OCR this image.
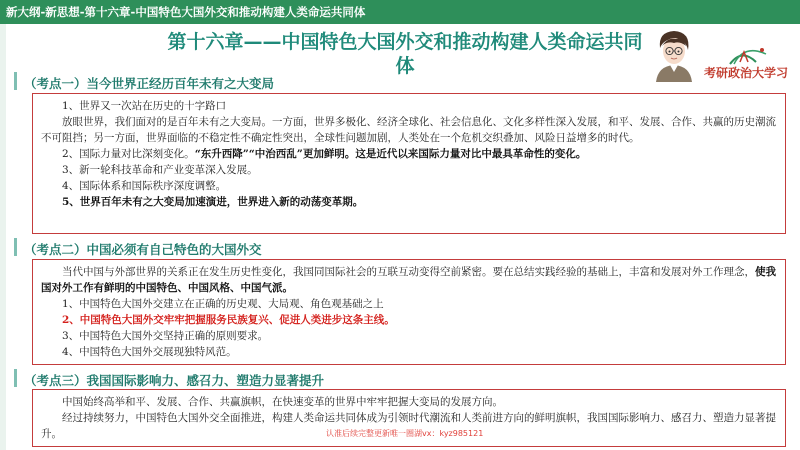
新大纲-新思想-第十六章-中国特色大国外交和推动构建人类命运共同体
第十六章——中国特色大国外交和推动构建人类命运共同
体	考研政治大学习
（考点一）当今世界正经历百年未有之大变局

1、世界又一次站在历史的十字路口

放眼世界，我们面对的是百年未有之大变局。一方面，世界多极化、经济全球化、社会信息化、文化多样性深入发展，和平、发展、合作、共赢的历史潮流不可阻挡；另一方面，世界面临的不稳定性不确定性突出，全球性问题加剧，人类处在一个危机交织叠加、风险日益增多的时代。

2、国际力量对比深刻变化。“东升西降”“中治西乱”更加鲜明。这是近代以来国际力量对比中最具革命性的变化。

3、新一轮科技革命和产业变革深入发展。

4、国际体系和国际秩序深度调整。

5、世界百年未有之大变局加速演进，世界进入新的动荡变革期。

（考点二）中国必须有自己特色的大国外交

当代中国与外部世界的关系正在发生历史性变化，我国同国际社会的互联互动变得空前紧密。要在总结实践经验的基础上，丰富和发展对外工作理念，使我国对外工作有鲜明的中国特色、中国风格、中国气派。

1、中国特色大国外交建立在正确的历史观、大局观、角色观基础之上

2、中国特色大国外交牢牢把握服务民族复兴、促进人类进步这条主线。

3、中国特色大国外交坚持正确的原则要求。

4、中国特色大国外交展现独特风范。

（考点三）我国国际影响力、感召力、塑造力显著提升

中国始终高举和平、发展、合作、共赢旗帜，在快速变革的世界中牢牢把握大变局的发展方向。

经过持续努力，中国特色大国外交全面推进，构建人类命运共同体成为引领时代潮流和人类前进方向的鲜明旗帜，我国国际影响力、感召力、塑造力显著提升。	认准后续完整更新唯一圈湖vx：kyz985121
